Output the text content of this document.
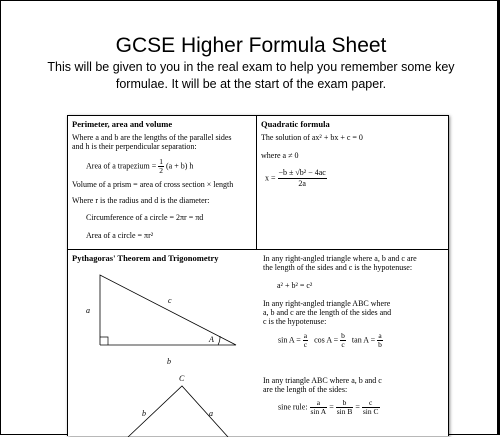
GCSE Higher Formula Sheet
This will be given to you in the real exam to help you remember some key
formulae. It will be at the start of the exam paper.
Perimeter, area and volume
Where a and b are the lengths of the parallel sides
and h is their perpendicular separation:
Area of a trapezium = $\frac{1}{2} (a + b)$ h
Volume of a prism = area of cross section × length
Where r is the radius and d is the diameter:
Circumference of a circle = 2πr = πd
Area of a circle = πr²
Quadratic formula
The solution of ax² + bx + c = 0
where a ≠ 0
$x = \frac{\text{−b ± √b² − 4ac}}{2a}$
Pythagoras' Theorem and Trigonometry
a
c
b
A
C
b	a
In any right-angled triangle where a, b and c are
the length of the sides and c is the hypotenuse:
a² + b² = c²
In any right-angled triangle ABC where
a, b and c are the length of the sides and
c is the hypotenuse:
$\sin A = \frac{a}{c}$ $\cos A = \frac{b}{c}$ $\tan A = \frac{a}{b}$
In any triangle ABC where a, b and c
are the length of the sides:
sine rule: $\frac{a}{\text{sin A}} = \frac{b}{\text{sin B}} = \frac{c}{\text{sin C}}$
